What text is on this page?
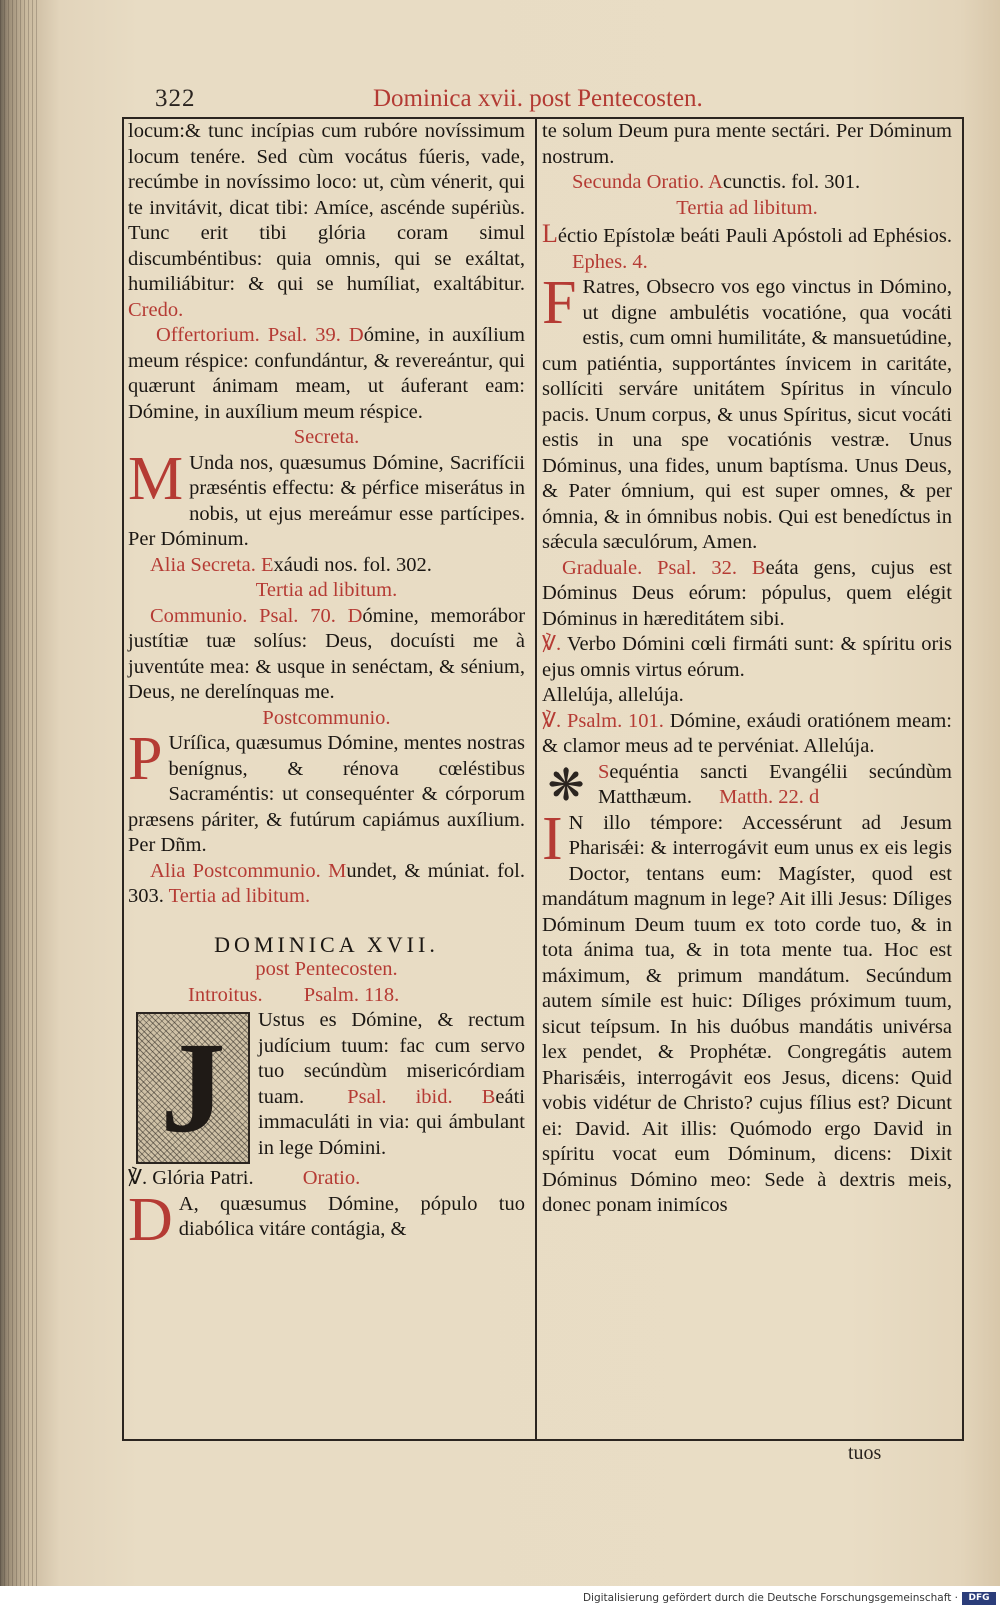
322	Dominica xvii. post Pentecosten.

locum:& tunc incípias cum rubóre novíssimum locum tenére. Sed cùm vocátus fúeris, vade, recúmbe in novíssimo loco: ut, cùm vénerit, qui te invitávit, dicat tibi: Amíce, ascénde supériùs. Tunc erit tibi glória coram simul discumbéntibus: quia omnis, qui se exáltat, humiliábitur: & qui se humíliat, exaltábitur. Credo.

Offertorium. Psal. 39. Dómine, in auxílium meum réspice: confundántur, & revereántur, qui quærunt ánimam meam, ut áuferant eam: Dómine, in auxílium meum réspice.

Secreta.

M Unda nos, quæsumus Dómine, Sacrifícii præséntis effectu: & pérfice miserátus in nobis, ut ejus mereámur esse partícipes. Per Dóminum.

Alia Secreta. Exáudi nos. fol. 302.

Tertia ad libitum.

Communio. Psal. 70. Dómine, memorábor justítiæ tuæ solíus: Deus, docuísti me à juventúte mea: & usque in senéctam, & sénium, Deus, ne derelínquas me.

Postcommunio.

P Uríſica, quæsumus Dómine, mentes nostras benígnus, & rénova cœléstibus Sacraméntis: ut consequénter & córporum præsens páriter, & futúrum capiámus auxílium. Per Dñm.

Alia Postcommunio. Mundet, & múniat. fol. 303. Tertia ad libitum.

DOMINICA XVII.

post Pentecosten.

Introitus. Psalm. 118.

J	Ustus es Dómine, & rectum judícium tuum: fac cum servo tuo secúndùm misericórdiam tuam. Psal. ibid. Beáti immaculáti in via: qui ámbulant in lege Dómini.

℣. Glória Patri. Oratio.

D A, quæsumus Dómine, pópulo tuo diabólica vitáre contágia, &

te solum Deum pura mente sectári. Per Dóminum nostrum.

Secunda Oratio. Acunctis. fol. 301.

Tertia ad libitum.

Léctio Epístolæ beáti Pauli Apóstoli ad Ephésios. Ephes. 4.

F Ratres, Obsecro vos ego vinctus in Dómino, ut digne ambulétis vocatióne, qua vocáti estis, cum omni humilitáte, & mansuetúdine, cum patiéntia, supportántes ínvicem in caritáte, sollíciti serváre unitátem Spíritus in vínculo pacis. Unum corpus, & unus Spíritus, sicut vocáti estis in una spe vocatiónis vestræ. Unus Dóminus, una fides, unum baptísma. Unus Deus, & Pater ómnium, qui est super omnes, & per ómnia, & in ómnibus nobis. Qui est benedíctus in sǽcula sæculórum, Amen.

Graduale. Psal. 32. Beáta gens, cujus est Dóminus Deus eórum: pópulus, quem elégit Dóminus in hæreditátem sibi.

℣. Verbo Dómini cœli firmáti sunt: & spíritu oris ejus omnis virtus eórum.

Allelúja, allelúja.

℣. Psalm. 101. Dómine, exáudi oratiónem meam: & clamor meus ad te pervéniat. Allelúja.

❋ Sequéntia sancti Evangélii secúndùm Matthæum. Matth. 22. d

I N illo témpore: Accessérunt ad Jesum Pharisǽi: & interrogávit eum unus ex eis legis Doctor, tentans eum: Magíster, quod est mandátum magnum in lege? Ait illi Jesus: Díliges Dóminum Deum tuum ex toto corde tuo, & in tota ánima tua, & in tota mente tua. Hoc est máximum, & primum mandátum. Secúndum autem símile est huic: Díliges próximum tuum, sicut teípsum. In his duóbus mandátis univérsa lex pendet, & Prophétæ. Congregátis autem Pharisǽis, interrogávit eos Jesus, dicens: Quid vobis vidétur de Christo? cujus fílius est? Dicunt ei: David. Ait illis: Quómodo ergo David in spíritu vocat eum Dóminum, dicens: Dixit Dóminus Dómino meo: Sede à dextris meis, donec ponam inimícos

tuos
Digitalisierung gefördert durch die Deutsche Forschungsgemeinschaft ·	DFG
